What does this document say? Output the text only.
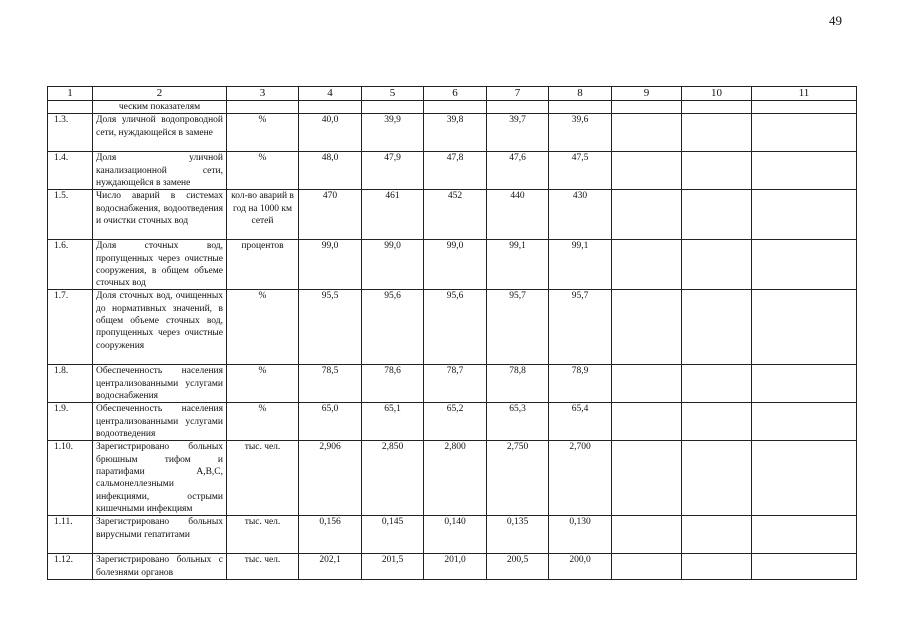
49
1	2	3	4	5	6	7	8	9	10	11
	ческим показателям									
1.3.	Доля уличной водопроводной сети, нуждающейся в замене	%	40,0	39,9	39,8	39,7	39,6			
1.4.	Доля уличной канализационной сети, нуждающейся в замене	%	48,0	47,9	47,8	47,6	47,5			
1.5.	Число аварий в системах водоснабжения, водоотведения и очистки сточных вод	кол-во аварий в год на 1000 км сетей	470	461	452	440	430			
1.6.	Доля сточных вод, пропущенных через очистные сооружения, в общем объеме сточных вод	процентов	99,0	99,0	99,0	99,1	99,1			
1.7.	Доля сточных вод, очищенных до нормативных значений, в общем объеме сточных вод, пропущенных через очистные сооружения	%	95,5	95,6	95,6	95,7	95,7			
1.8.	Обеспеченность населения централизованными услугами водоснабжения	%	78,5	78,6	78,7	78,8	78,9			
1.9.	Обеспеченность населения централизованными услугами водоотведения	%	65,0	65,1	65,2	65,3	65,4			
1.10.	Зарегистрировано больных брюшным тифом и паратифами А,В,С, сальмонеллезными инфекциями, острыми кишечными инфекциям	тыс. чел.	2,906	2,850	2,800	2,750	2,700			
1.11.	Зарегистрировано больных вирусными гепатитами	тыс. чел.	0,156	0,145	0,140	0,135	0,130			
1.12.	Зарегистрировано больных с болезнями органов	тыс. чел.	202,1	201,5	201,0	200,5	200,0			
